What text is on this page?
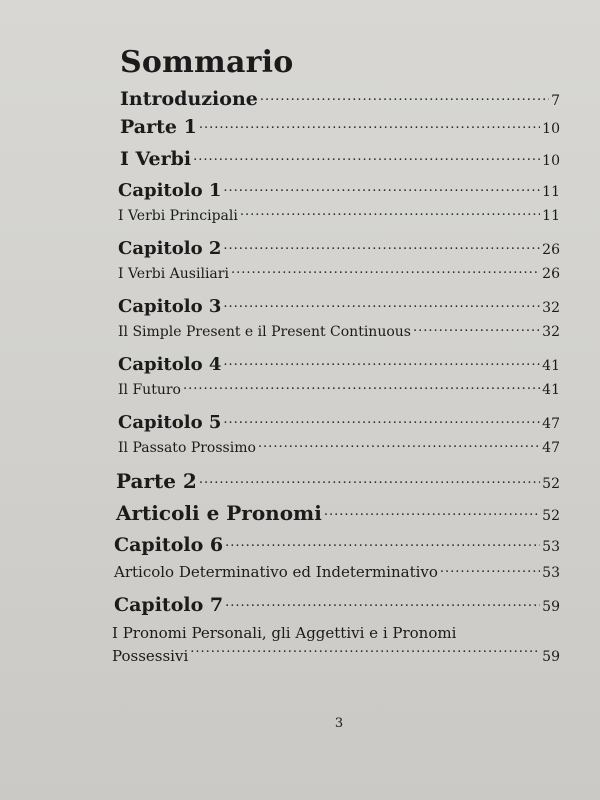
Sommario
Introduzione .....	7
Parte 1 .....	10
I Verbi .....	10
Capitolo 1 .....	11
I Verbi Principali .....	11
Capitolo 2 .....	26
I Verbi Ausiliari .....	26
Capitolo 3 .....	32
Il Simple Present e il Present Continuous .....	32
Capitolo 4 .....	41
Il Futuro .....	41
Capitolo 5 .....	47
Il Passato Prossimo .....	47
Parte 2 .....	52
Articoli e Pronomi .....	52
Capitolo 6 .....	53
Articolo Determinativo ed Indeterminativo .....	53
Capitolo 7 .....	59
I Pronomi Personali, gli Aggettivi e i Pronomi
Possessivi .....	59
3
